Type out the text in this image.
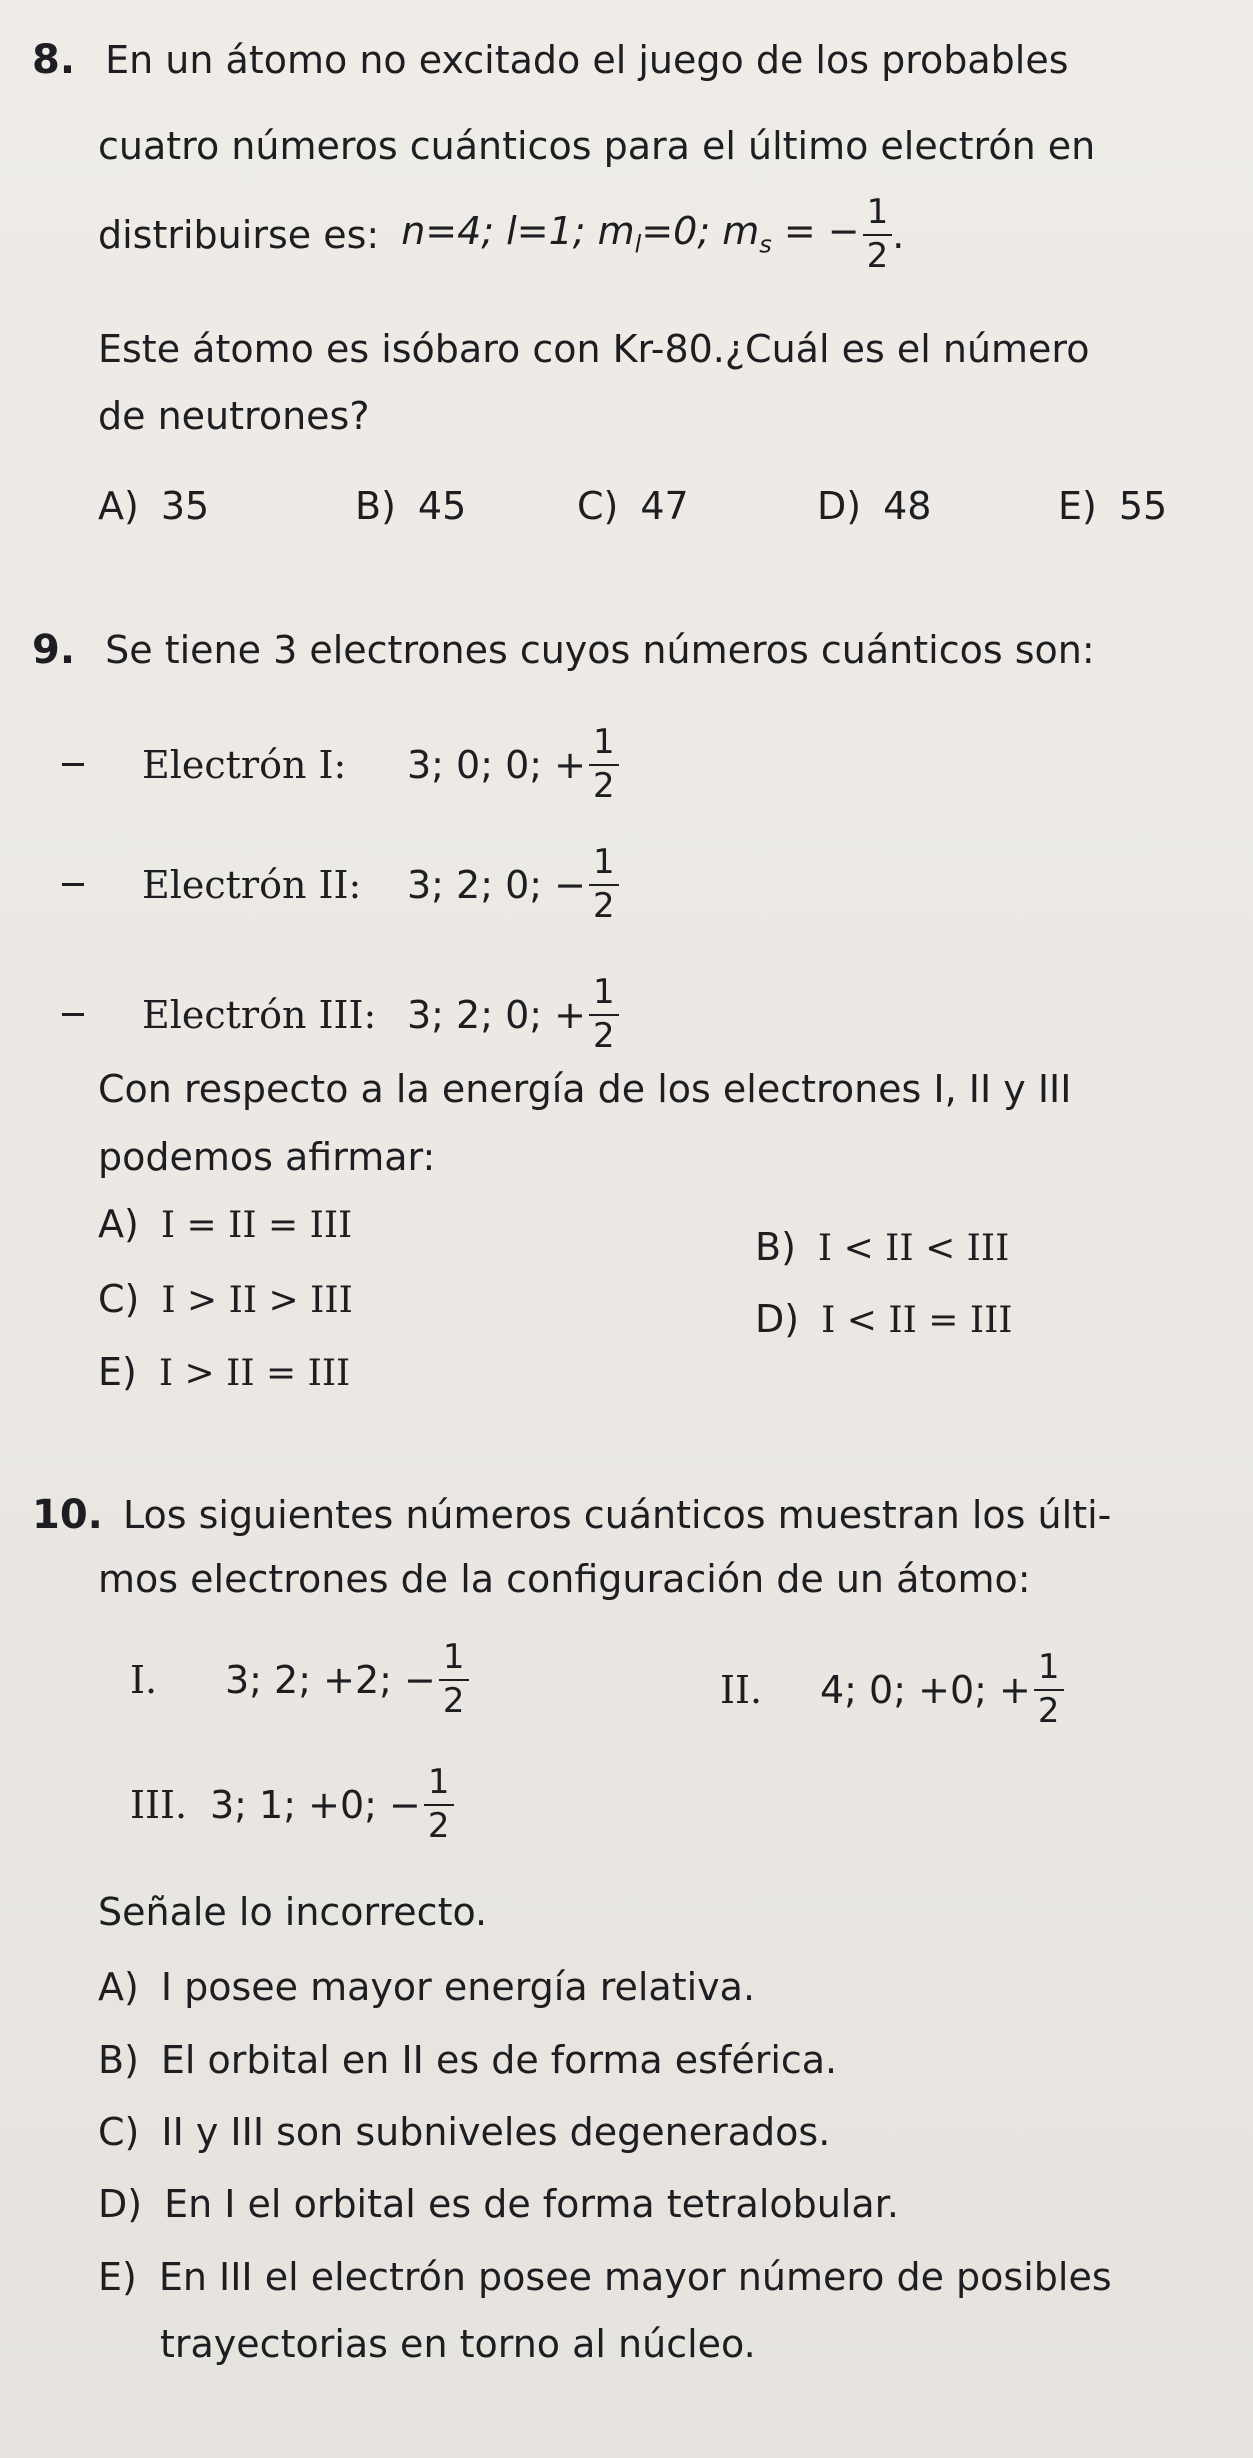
8. En un átomo no excitado el juego de los probables
cuatro números cuánticos para el último electrón en
distribuirse es: n=4; l=1; $m_l=0$; $m_s$ = − $\frac{1}{2}$ .
Este átomo es isóbaro con Kr-80.¿Cuál es el número
de neutrones?
A) 35	B) 45	C) 47	D) 48	E) 55
9. Se tiene 3 electrones cuyos números cuánticos son:
Electrón I:	3; 0; 0; + $\frac{1}{2}$
Electrón II:	3; 2; 0; − $\frac{1}{2}$
Electrón III: 3; 2; 0; + $\frac{1}{2}$
Con respecto a la energía de los electrones I, II y III
podemos afirmar:
A) I = II = III	B) I < II < III
C) I > II > III	D) I < II = III
E) I > II = III
10. Los siguientes números cuánticos muestran los últi-
mos electrones de la configuración de un átomo:
I.	3; 2; +2; − $\frac{1}{2}$	II.	4; 0; +0; + $\frac{1}{2}$
III. 3; 1; +0; − $\frac{1}{2}$
Señale lo incorrecto.
A) I posee mayor energía relativa.
B) El orbital en II es de forma esférica.
C) II y III son subniveles degenerados.
D) En I el orbital es de forma tetralobular.
E) En III el electrón posee mayor número de posibles
trayectorias en torno al núcleo.
